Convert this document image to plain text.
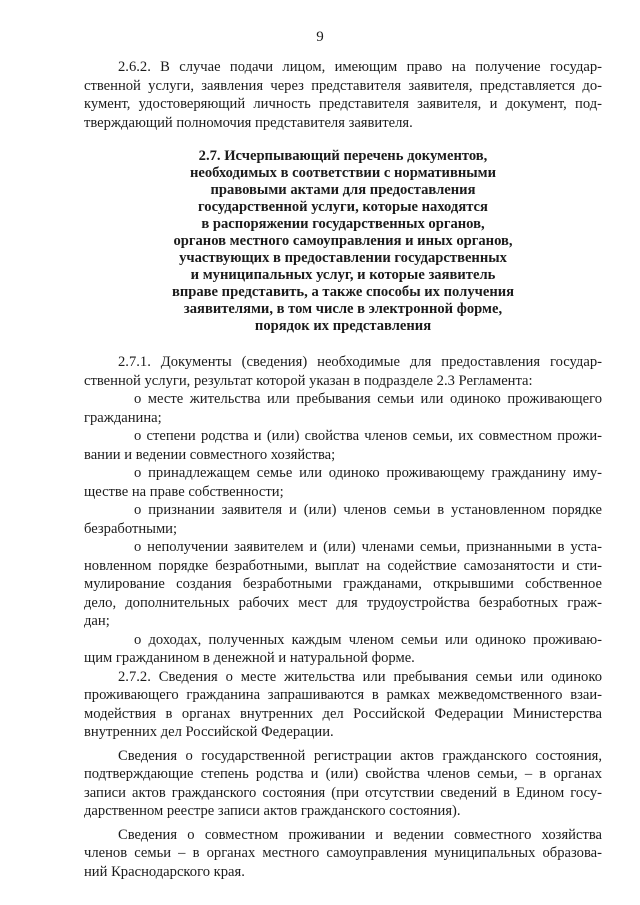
9
2.6.2. В случае подачи лицом, имеющим право на получение государ-
ственной услуги, заявления через представителя заявителя, представляется до-
кумент, удостоверяющий личность представителя заявителя, и документ, под-
тверждающий полномочия представителя заявителя.
2.7. Исчерпывающий перечень документов,
необходимых в соответствии с нормативными
правовыми актами для предоставления
государственной услуги, которые находятся
в распоряжении государственных органов,
органов местного самоуправления и иных органов,
участвующих в предоставлении государственных
и муниципальных услуг, и которые заявитель
вправе представить, а также способы их получения
заявителями, в том числе в электронной форме,
порядок их представления
2.7.1. Документы (сведения) необходимые для предоставления государ-
ственной услуги, результат которой указан в подразделе 2.3 Регламента:
о месте жительства или пребывания семьи или одиноко проживающего
гражданина;
о степени родства и (или) свойства членов семьи, их совместном прожи-
вании и ведении совместного хозяйства;
о принадлежащем семье или одиноко проживающему гражданину иму-
ществе на праве собственности;
о признании заявителя и (или) членов семьи в установленном порядке
безработными;
о неполучении заявителем и (или) членами семьи, признанными в уста-
новленном порядке безработными, выплат на содействие самозанятости и сти-
мулирование создания безработными гражданами, открывшими собственное
дело, дополнительных рабочих мест для трудоустройства безработных граж-
дан;
о доходах, полученных каждым членом семьи или одиноко проживаю-
щим гражданином в денежной и натуральной форме.
2.7.2. Сведения о месте жительства или пребывания семьи или одиноко
проживающего гражданина запрашиваются в рамках межведомственного взаи-
модействия в органах внутренних дел Российской Федерации Министерства
внутренних дел Российской Федерации.
Сведения о государственной регистрации актов гражданского состояния,
подтверждающие степень родства и (или) свойства членов семьи, – в органах
записи актов гражданского состояния (при отсутствии сведений в Едином госу-
дарственном реестре записи актов гражданского состояния).
Сведения о совместном проживании и ведении совместного хозяйства
членов семьи – в органах местного самоуправления муниципальных образова-
ний Краснодарского края.
